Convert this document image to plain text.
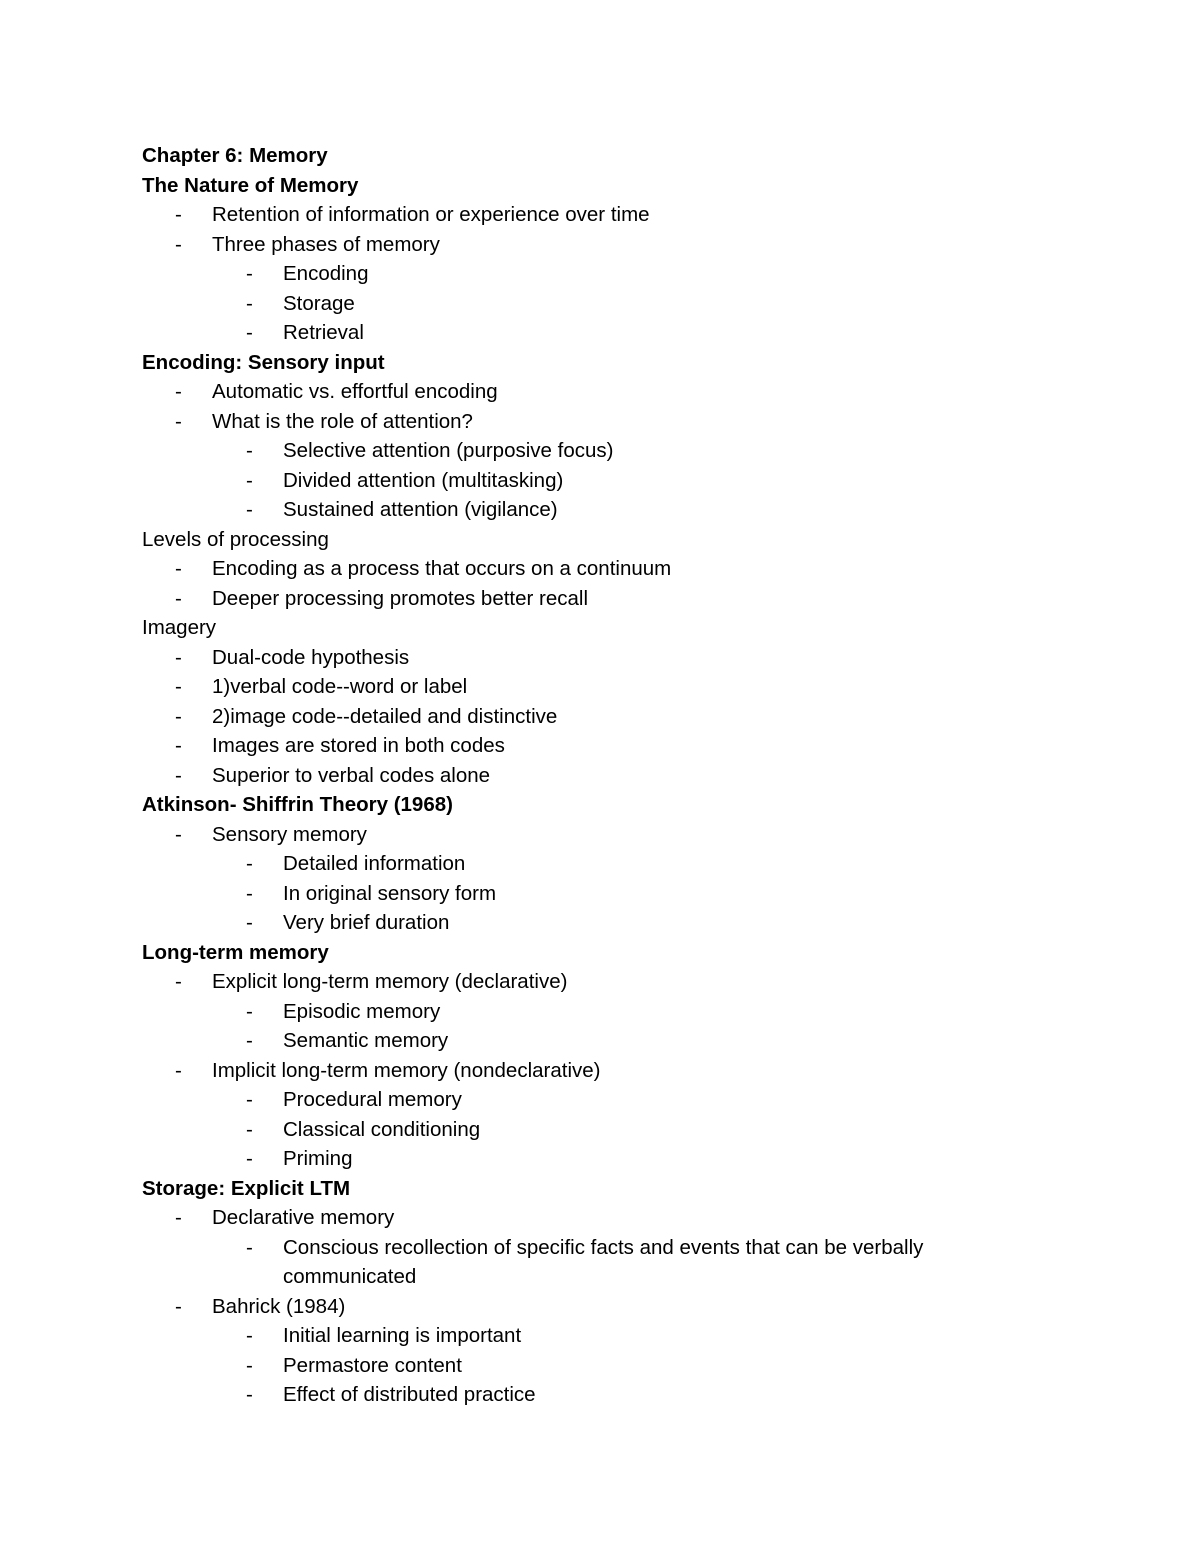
Chapter 6: Memory
The Nature of Memory
- Retention of information or experience over time
- Three phases of memory
- Encoding
- Storage
- Retrieval
Encoding: Sensory input
- Automatic vs. effortful encoding
- What is the role of attention?
- Selective attention (purposive focus)
- Divided attention (multitasking)
- Sustained attention (vigilance)
Levels of processing
- Encoding as a process that occurs on a continuum
- Deeper processing promotes better recall
Imagery
- Dual-code hypothesis
- 1)verbal code--word or label
- 2)image code--detailed and distinctive
- Images are stored in both codes
- Superior to verbal codes alone
Atkinson- Shiffrin Theory (1968)
- Sensory memory
- Detailed information
- In original sensory form
- Very brief duration
Long-term memory
- Explicit long-term memory (declarative)
- Episodic memory
- Semantic memory
- Implicit long-term memory (nondeclarative)
- Procedural memory
- Classical conditioning
- Priming
Storage: Explicit LTM
- Declarative memory
- Conscious recollection of specific facts and events that can be verbally
communicated
- Bahrick (1984)
- Initial learning is important
- Permastore content
- Effect of distributed practice
